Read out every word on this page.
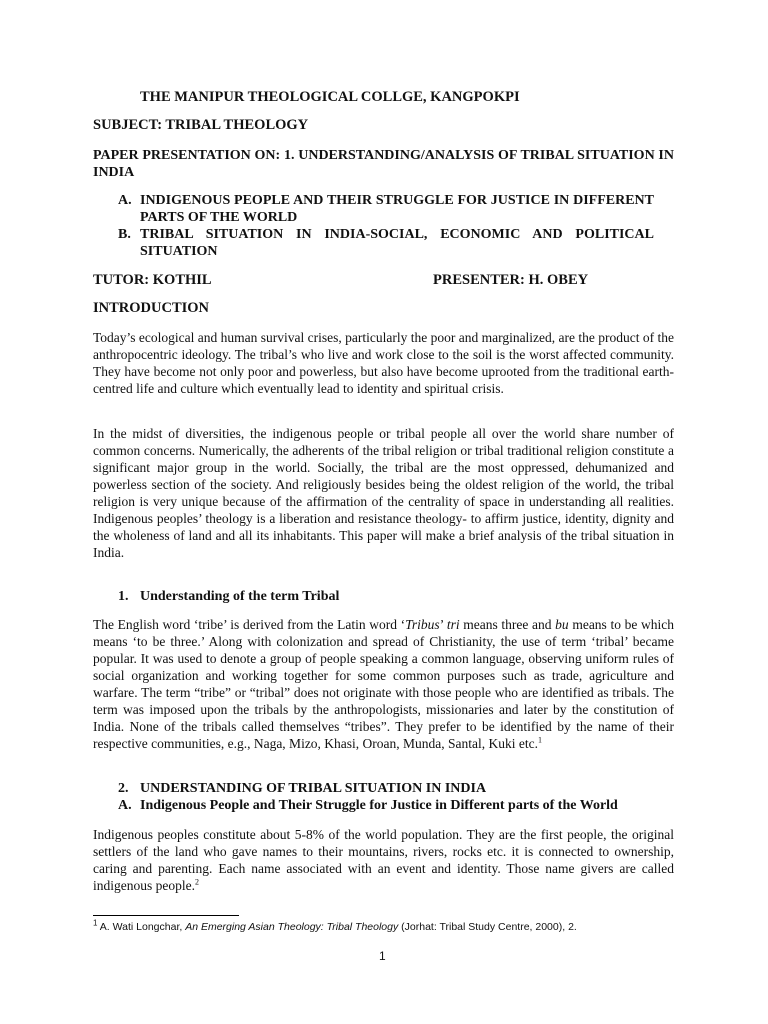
THE MANIPUR THEOLOGICAL COLLGE, KANGPOKPI
SUBJECT: TRIBAL THEOLOGY
PAPER PRESENTATION ON: 1. UNDERSTANDING/ANALYSIS OF TRIBAL SITUATION IN INDIA
A. INDIGENOUS PEOPLE AND THEIR STRUGGLE FOR JUSTICE IN DIFFERENT PARTS OF THE WORLD
B. TRIBAL SITUATION IN INDIA-SOCIAL, ECONOMIC AND POLITICAL SITUATION
TUTOR: KOTHIL	PRESENTER: H. OBEY
INTRODUCTION
Today’s ecological and human survival crises, particularly the poor and marginalized, are the product of the anthropocentric ideology. The tribal’s who live and work close to the soil is the worst affected community. They have become not only poor and powerless, but also have become uprooted from the traditional earth-centred life and culture which eventually lead to identity and spiritual crisis.
In the midst of diversities, the indigenous people or tribal people all over the world share number of common concerns. Numerically, the adherents of the tribal religion or tribal traditional religion constitute a significant major group in the world. Socially, the tribal are the most oppressed, dehumanized and powerless section of the society. And religiously besides being the oldest religion of the world, the tribal religion is very unique because of the affirmation of the centrality of space in understanding all realities. Indigenous peoples’ theology is a liberation and resistance theology- to affirm justice, identity, dignity and the wholeness of land and all its inhabitants. This paper will make a brief analysis of the tribal situation in India.
1. Understanding of the term Tribal
The English word ‘tribe’ is derived from the Latin word ‘Tribus’ tri means three and bu means to be which means ‘to be three.’ Along with colonization and spread of Christianity, the use of term ‘tribal’ became popular. It was used to denote a group of people speaking a common language, observing uniform rules of social organization and working together for some common purposes such as trade, agriculture and warfare. The term “tribe” or “tribal” does not originate with those people who are identified as tribals. The term was imposed upon the tribals by the anthropologists, missionaries and later by the constitution of India. None of the tribals called themselves “tribes”. They prefer to be identified by the name of their respective communities, e.g., Naga, Mizo, Khasi, Oroan, Munda, Santal, Kuki etc.$^1$
2. UNDERSTANDING OF TRIBAL SITUATION IN INDIA
A. Indigenous People and Their Struggle for Justice in Different parts of the World
Indigenous peoples constitute about 5-8% of the world population. They are the first people, the original settlers of the land who gave names to their mountains, rivers, rocks etc. it is connected to ownership, caring and parenting. Each name associated with an event and identity. Those name givers are called indigenous people.$^2$
$^1$ A. Wati Longchar, An Emerging Asian Theology: Tribal Theology (Jorhat: Tribal Study Centre, 2000), 2.
1
